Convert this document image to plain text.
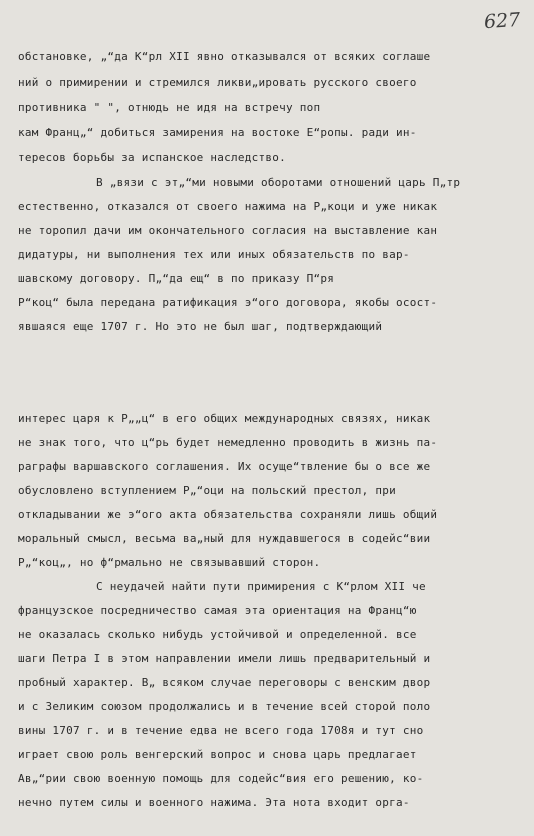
627
обстановке, „“да К“рл XII явно отказывался от всяких соглаше
ний о примирении и стремился ликви„ировать русского своего
противника " ", отнюдь не идя на встречу поп
кам Франц„“ добиться замирения на востоке Е“ропы. ради ин-
тересов борьбы за испанское наследство.
В „вязи с эт„“ми новыми оборотами отношений царь П„тр
естественно, отказался от своего нажима на Р„коци и уже никак
не торопил дачи им окончательного согласия на выставление кан
дидатуры, ни выполнения тех или иных обязательств по вар-
шавскому договору. П„“да ещ“ в по приказу П“ря
Р“коц“ была передана ратификация э“ого договора, якобы осост-
явшаяся еще 1707 г. Но это не был шаг, подтверждающий
интерес царя к Р„„ц“ в его общих международных связях, никак
не знак того, что ц“рь будет немедленно проводить в жизнь па-
раграфы варшавского соглашения. Их осуще“твление бы о все же
обусловлено вступлением Р„“оци на польский престол, при
откладывании же э“ого акта обязательства сохраняли лишь общий
моральный смысл, весьма ва„ный для нуждавшегося в содейс“вии
Р„“коц„, но ф“рмально не связывавший сторон.
С неудачей найти пути примирения с К“рлом XII че
французское посредничество самая эта ориентация на Франц“ю
не оказалась сколько нибудь устойчивой и определенной. все
шаги Петра I в этом направлении имели лишь предварительный и
пробный характер. В„ всяком случае переговоры с венским двор
и с Зеликим союзом продолжались и в течение всей сторой поло
вины 1707 г. и в течение едва не всего года 1708я и тут сно
играет свою роль венгерский вопрос и снова царь предлагает
Ав„“рии свою военную помощь для содейс“вия его решению, ко-
нечно путем силы и военного нажима. Эта нота входит орга-
